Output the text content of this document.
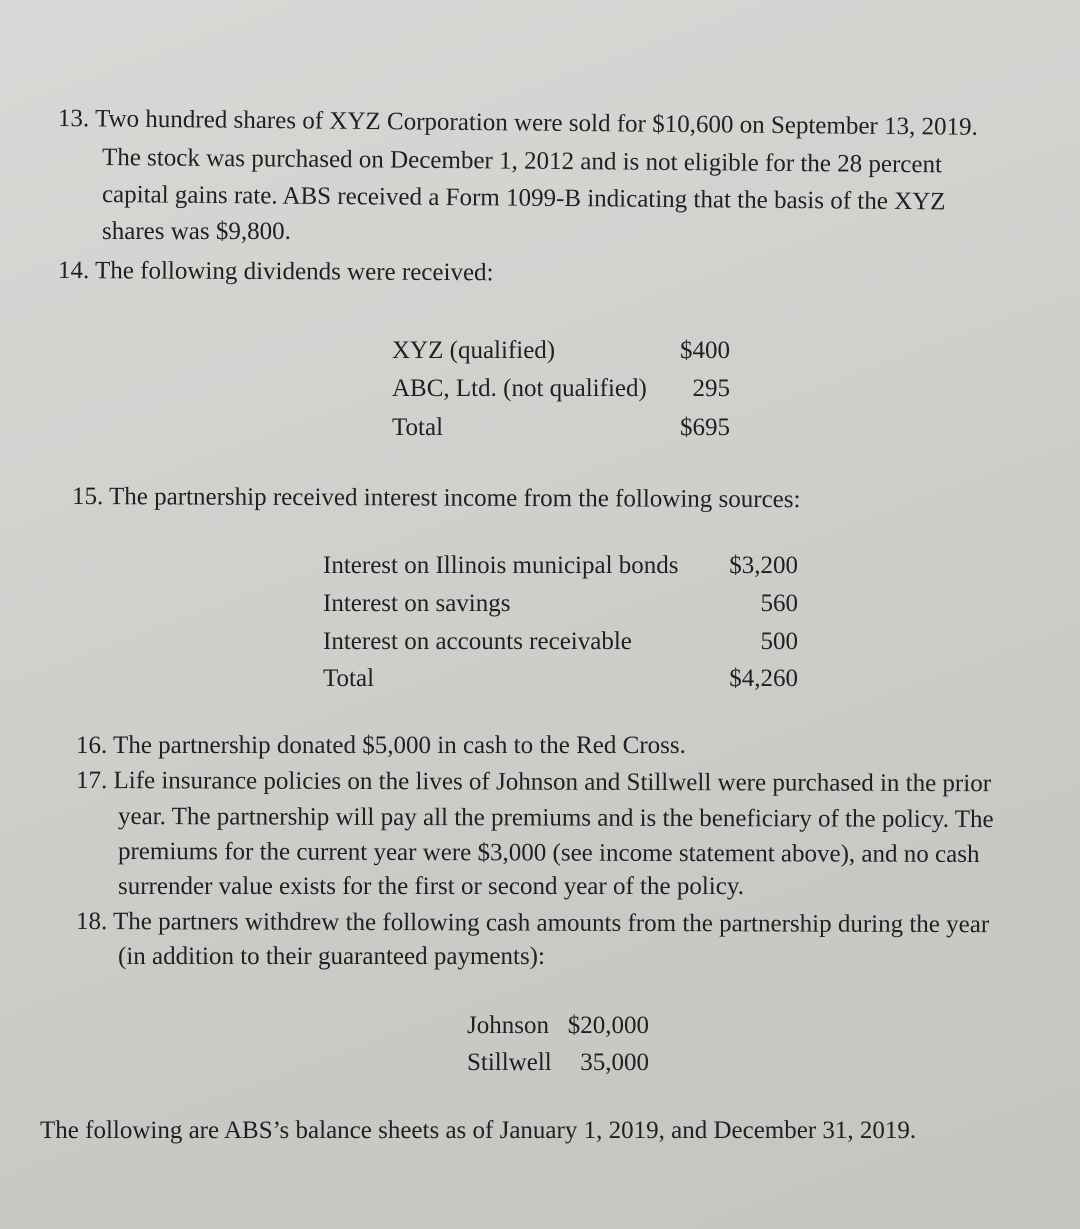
13. Two hundred shares of XYZ Corporation were sold for $10,600 on September 13, 2019.
The stock was purchased on December 1, 2012 and is not eligible for the 28 percent
capital gains rate. ABS received a Form 1099-B indicating that the basis of the XYZ
shares was $9,800.
14. The following dividends were received:
XYZ (qualified)	$400
ABC, Ltd. (not qualified)	295
Total	$695
15. The partnership received interest income from the following sources:
Interest on Illinois municipal bonds	$3,200
Interest on savings	560
Interest on accounts receivable	500
Total	$4,260
16. The partnership donated $5,000 in cash to the Red Cross.
17. Life insurance policies on the lives of Johnson and Stillwell were purchased in the prior
year. The partnership will pay all the premiums and is the beneficiary of the policy. The
premiums for the current year were $3,000 (see income statement above), and no cash
surrender value exists for the first or second year of the policy.
18. The partners withdrew the following cash amounts from the partnership during the year
(in addition to their guaranteed payments):
Johnson $20,000
Stillwell	35,000
The following are ABS’s balance sheets as of January 1, 2019, and December 31, 2019.
